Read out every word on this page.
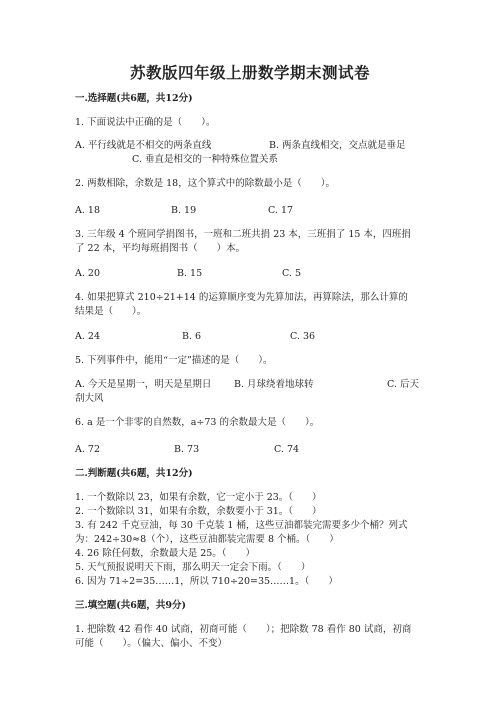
苏教版四年级上册数学期末测试卷
一.选择题(共6题，共12分)
1. 下面说法中正确的是（　　）。
A. 平行线就是不相交的两条直线	B. 两条直线相交，交点就是垂足
C. 垂直是相交的一种特殊位置关系
2. 两数相除，余数是 18，这个算式中的除数最小是（　　）。
A. 18	B. 19	C. 17
3. 三年级 4 个班同学捐图书，一班和二班共捐 23 本，三班捐了 15 本，四班捐
了 22 本，平均每班捐图书（　　）本。
A. 20	B. 15	C. 5
4. 如果把算式 210÷21+14 的运算顺序变为先算加法，再算除法，那么计算的
结果是（　　）。
A. 24	B. 6	C. 36
5. 下列事件中，能用“一定”描述的是（　　）。
A. 今天是星期一，明天是星期日 B. 月球绕着地球转	C. 后天
刮大风
6. a 是一个非零的自然数，a÷73 的余数最大是（　　）。
A. 72	B. 73	C. 74
二.判断题(共6题，共12分)
1. 一个数除以 23，如果有余数，它一定小于 23。（　　）
2. 一个数除以 31，如果有余数，余数要小于 31。（　　）
3. 有 242 千克豆油，每 30 千克装 1 桶，这些豆油都装完需要多少个桶？列式
为：242÷30≈8（个），这些豆油都装完需要 8 个桶。（　　）
4. 26 除任何数，余数最大是 25。（　　）
5. 天气预报说明天下雨，那么明天一定会下雨。（　　）
6. 因为 71÷2=35……1，所以 710÷20=35……1。（　　）
三.填空题(共6题，共9分)
1. 把除数 42 看作 40 试商，初商可能（　　）；把除数 78 看作 80 试商，初商
可能（　　）。（偏大、偏小、不变）
